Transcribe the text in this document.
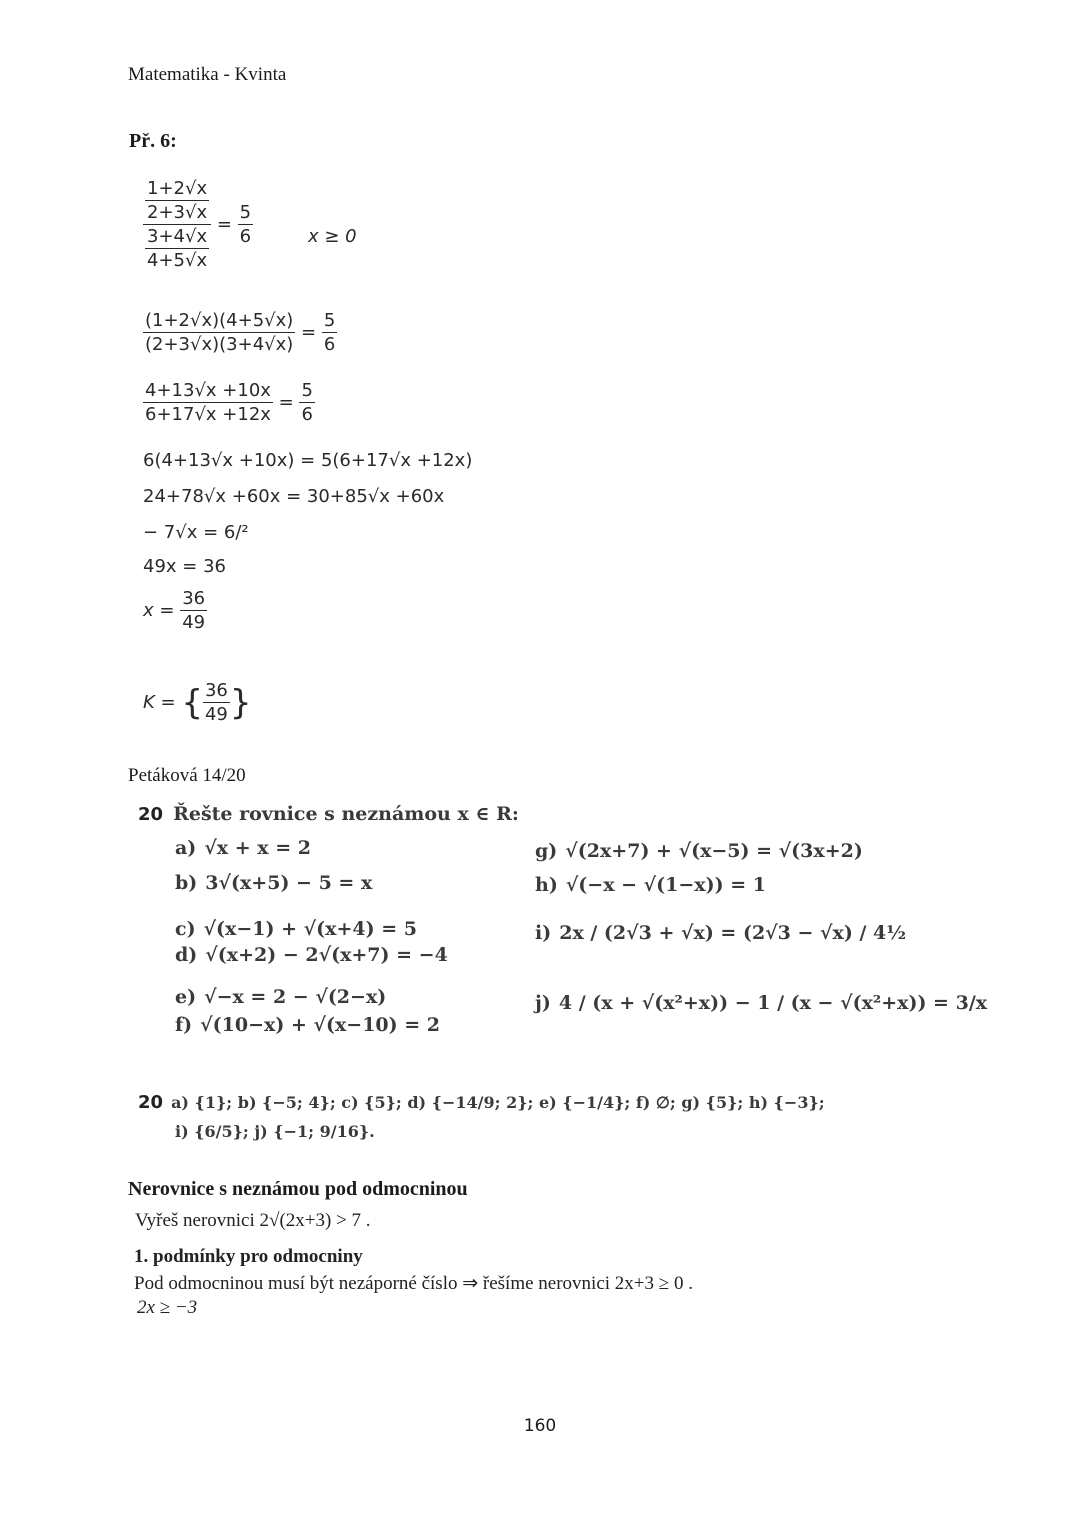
Matematika - Kvinta
Př. 6:
$\frac{\frac{1+2√x}{2+3√x}}{\frac{3+4√x}{4+5√x}} = \frac{5}{6}$	x ≥ 0
$\frac{(1+2√x)(4+5√x)}{(2+3√x)(3+4√x)} = \frac{5}{6}$
$\frac{4+13√x +10x}{6+17√x +12x} = \frac{5}{6}$
6(4+13√x +10x) = 5(6+17√x +12x)
24+78√x +60x = 30+85√x +60x
− 7√x = 6/²
49x = 36
$x = \frac{36}{49}$
K = { $\frac{36}{49}$ }
Petáková 14/20
20 Řešte rovnice s neznámou x ∈ R:
a) √x + x = 2
b) 3√(x+5) − 5 = x
c) √(x−1) + √(x+4) = 5
d) √(x+2) − 2√(x+7) = −4
e) √−x = 2 − √(2−x)
f) √(10−x) + √(x−10) = 2
g) √(2x+7) + √(x−5) = √(3x+2)
h) √(−x − √(1−x)) = 1
i) 2x / (2√3 + √x) = (2√3 − √x) / 4½
j) 4 / (x + √(x²+x)) − 1 / (x − √(x²+x)) = 3/x
20 a) {1}; b) {−5; 4}; c) {5}; d) {−14/9; 2}; e) {−1/4}; f) ∅; g) {5}; h) {−3};
i) {6/5}; j) {−1; 9/16}.
Nerovnice s neznámou pod odmocninou
Vyřeš nerovnici 2√(2x+3) > 7 .
1. podmínky pro odmocniny
Pod odmocninou musí být nezáporné číslo ⇒ řešíme nerovnici 2x+3 ≥ 0 .
2x ≥ −3
160
